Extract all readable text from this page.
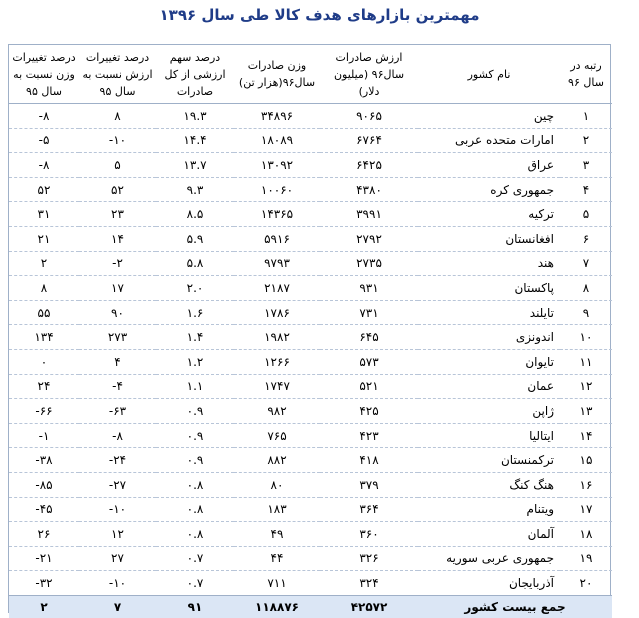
مهمترین بازارهای هدف کالا طی سال ۱۳۹۶
رتبه در سال ۹۶	نام کشور	ارزش صادرات سال۹۶ (میلیون دلار)	وزن صادرات سال۹۶(هزار تن)	درصد سهم ارزشی از کل صادرات	درصد تغییرات ارزش نسبت به سال ۹۵	درصد تغییرات وزن نسبت به سال ۹۵
۱	چین	۹۰۶۵	۳۴۸۹۶	۱۹.۳	۸	-۸
۲	امارات متحده عربی	۶۷۶۴	۱۸۰۸۹	۱۴.۴	-۱۰	-۵
۳	عراق	۶۴۲۵	۱۳۰۹۲	۱۳.۷	۵	-۸
۴	جمهوری کره	۴۳۸۰	۱۰۰۶۰	۹.۳	۵۲	۵۲
۵	ترکیه	۳۹۹۱	۱۴۳۶۵	۸.۵	۲۳	۳۱
۶	افغانستان	۲۷۹۲	۵۹۱۶	۵.۹	۱۴	۲۱
۷	هند	۲۷۳۵	۹۷۹۳	۵.۸	-۲	۲
۸	پاکستان	۹۳۱	۲۱۸۷	۲.۰	۱۷	۸
۹	تایلند	۷۳۱	۱۷۸۶	۱.۶	۹۰	۵۵
۱۰	اندونزی	۶۴۵	۱۹۸۲	۱.۴	۲۷۳	۱۳۴
۱۱	تایوان	۵۷۳	۱۲۶۶	۱.۲	۴	۰
۱۲	عمان	۵۲۱	۱۷۴۷	۱.۱	-۴	۲۴
۱۳	ژاپن	۴۲۵	۹۸۲	۰.۹	-۶۳	-۶۶
۱۴	ایتالیا	۴۲۳	۷۶۵	۰.۹	-۸	-۱
۱۵	ترکمنستان	۴۱۸	۸۸۲	۰.۹	-۲۴	-۳۸
۱۶	هنگ کنگ	۳۷۹	۸۰	۰.۸	-۲۷	-۸۵
۱۷	ویتنام	۳۶۴	۱۸۳	۰.۸	-۱۰	-۴۵
۱۸	آلمان	۳۶۰	۴۹	۰.۸	۱۲	۲۶
۱۹	جمهوری عربی سوریه	۳۲۶	۴۴	۰.۷	۲۷	-۲۱
۲۰	آذربایجان	۳۲۴	۷۱۱	۰.۷	-۱۰	-۳۲
جمع بیست کشور		۴۲۵۷۲	۱۱۸۸۷۶	۹۱	۷	۲
